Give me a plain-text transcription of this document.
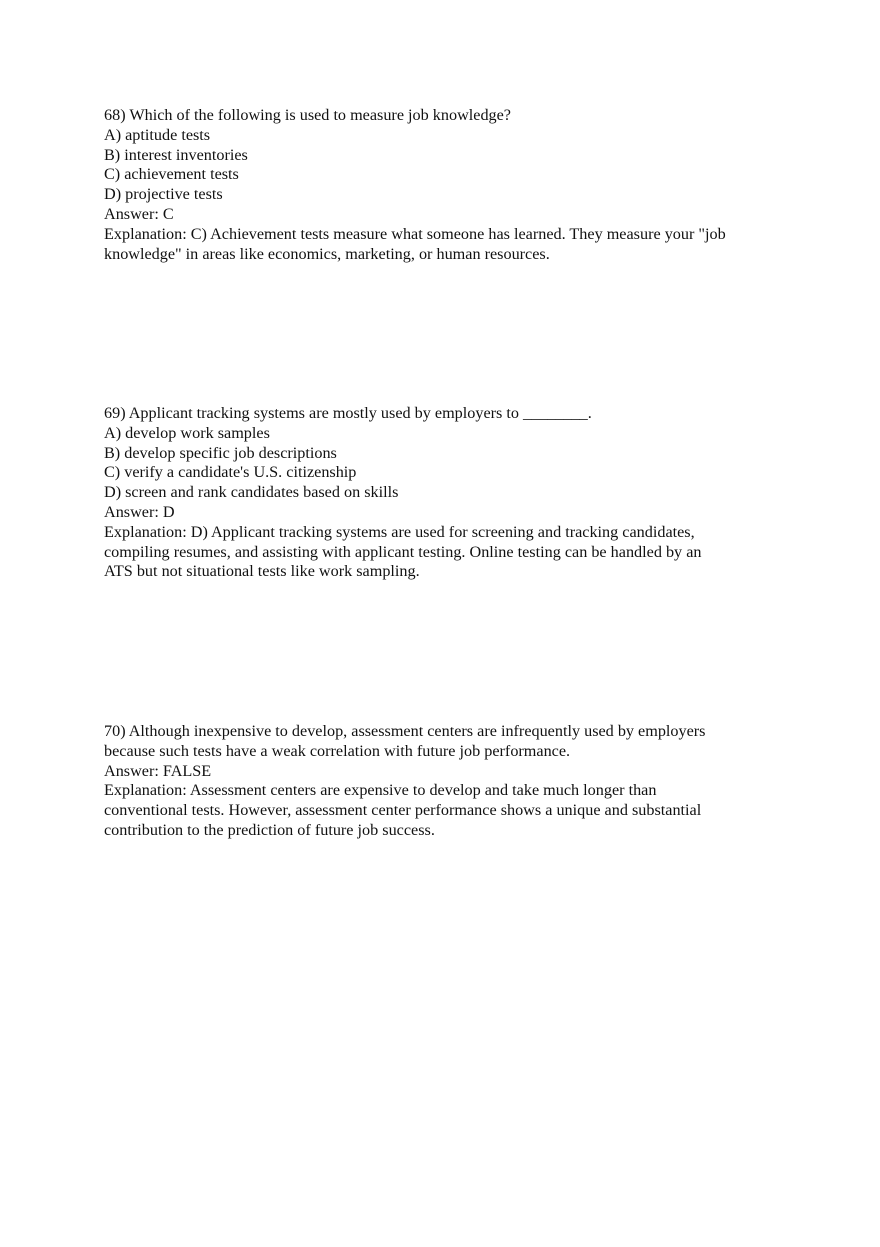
68) Which of the following is used to measure job knowledge?
A) aptitude tests
B) interest inventories
C) achievement tests
D) projective tests
Answer: C
Explanation: C) Achievement tests measure what someone has learned. They measure your "job
knowledge" in areas like economics, marketing, or human resources.
69) Applicant tracking systems are mostly used by employers to ________.
A) develop work samples
B) develop specific job descriptions
C) verify a candidate's U.S. citizenship
D) screen and rank candidates based on skills
Answer: D
Explanation: D) Applicant tracking systems are used for screening and tracking candidates,
compiling resumes, and assisting with applicant testing. Online testing can be handled by an
ATS but not situational tests like work sampling.
70) Although inexpensive to develop, assessment centers are infrequently used by employers
because such tests have a weak correlation with future job performance.
Answer: FALSE
Explanation: Assessment centers are expensive to develop and take much longer than
conventional tests. However, assessment center performance shows a unique and substantial
contribution to the prediction of future job success.
